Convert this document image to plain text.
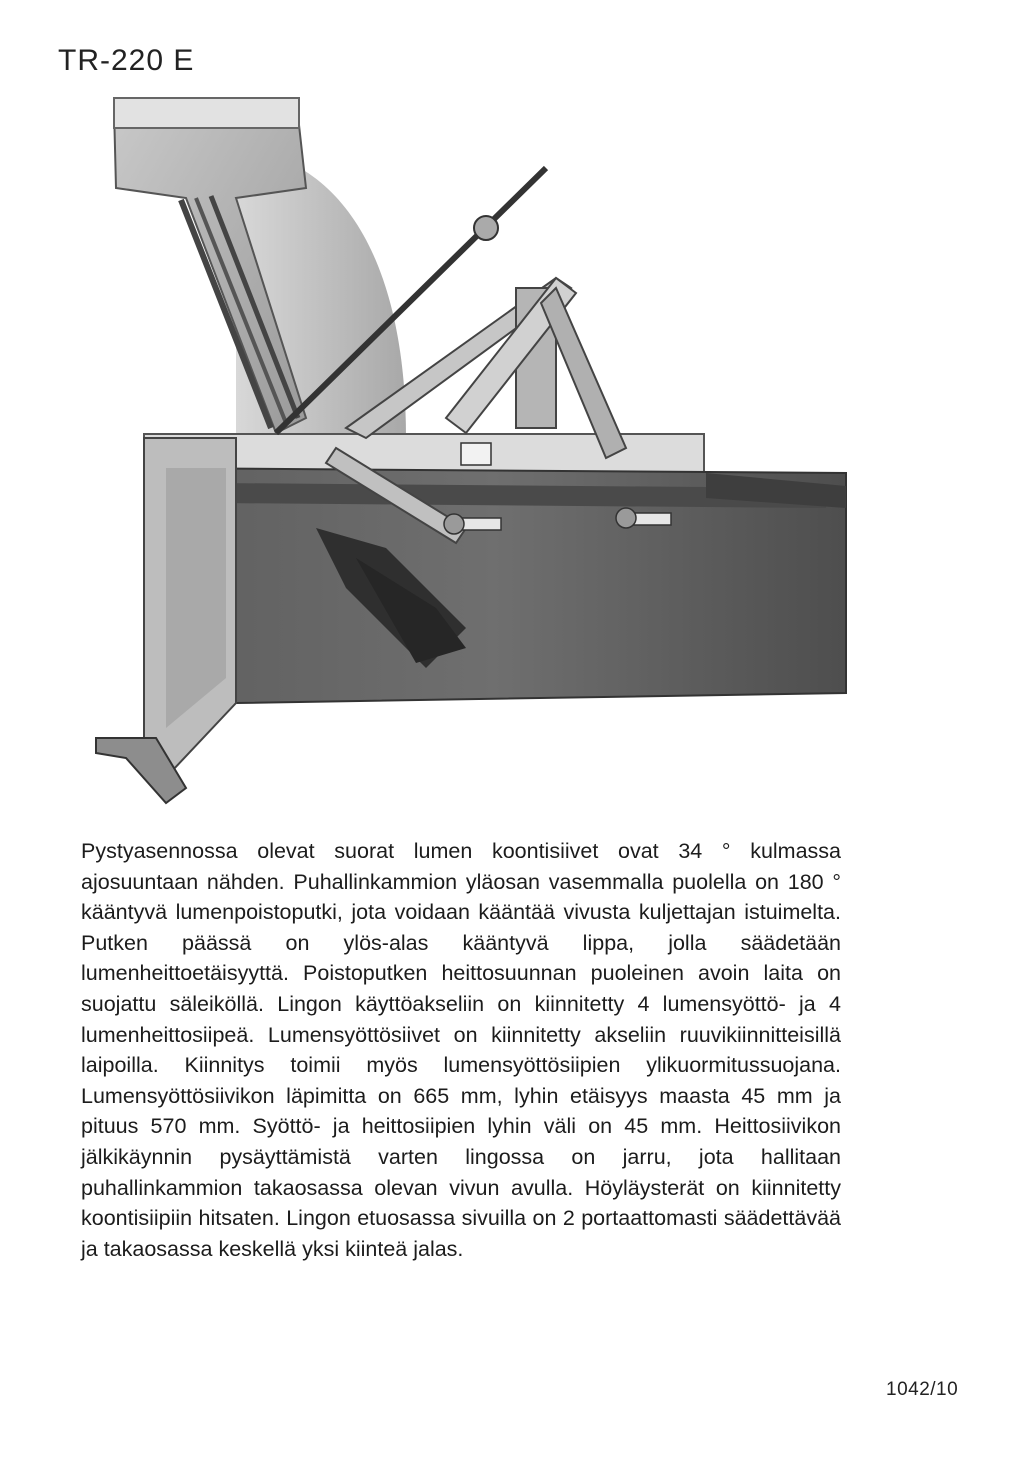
TR-220 E

Pystyasennossa olevat suorat lumen koontisiivet ovat 34 ° kulmassa ajosuuntaan nähden. Puhallinkammion yläosan vasemmalla puolella on 180 ° kääntyvä lumenpoistoputki, jota voidaan kääntää vivusta kuljettajan istuimelta. Putken päässä on ylös-alas kääntyvä lippa, jolla säädetään lumenheittoetäisyyttä. Poistoputken heittosuunnan puoleinen avoin laita on suojattu säleiköllä. Lingon käyttöakseliin on kiinnitetty 4 lumensyöttö- ja 4 lumenheittosiipeä. Lumensyöttösiivet on kiinnitetty akseliin ruuvikiinnitteisillä laipoilla. Kiinnitys toimii myös lumensyöttösiipien ylikuormitussuojana. Lumensyöttösiivikon läpimitta on 665 mm, lyhin etäisyys maasta 45 mm ja pituus 570 mm. Syöttö- ja heittosiipien lyhin väli on 45 mm. Heittosiivikon jälkikäynnin pysäyttämistä varten lingossa on jarru, jota hallitaan puhallinkammion takaosassa olevan vivun avulla. Höyläysterät on kiinnitetty koontisiipiin hitsaten. Lingon etuosassa sivuilla on 2 portaattomasti säädettävää ja takaosassa keskellä yksi kiinteä jalas.

1042/10
